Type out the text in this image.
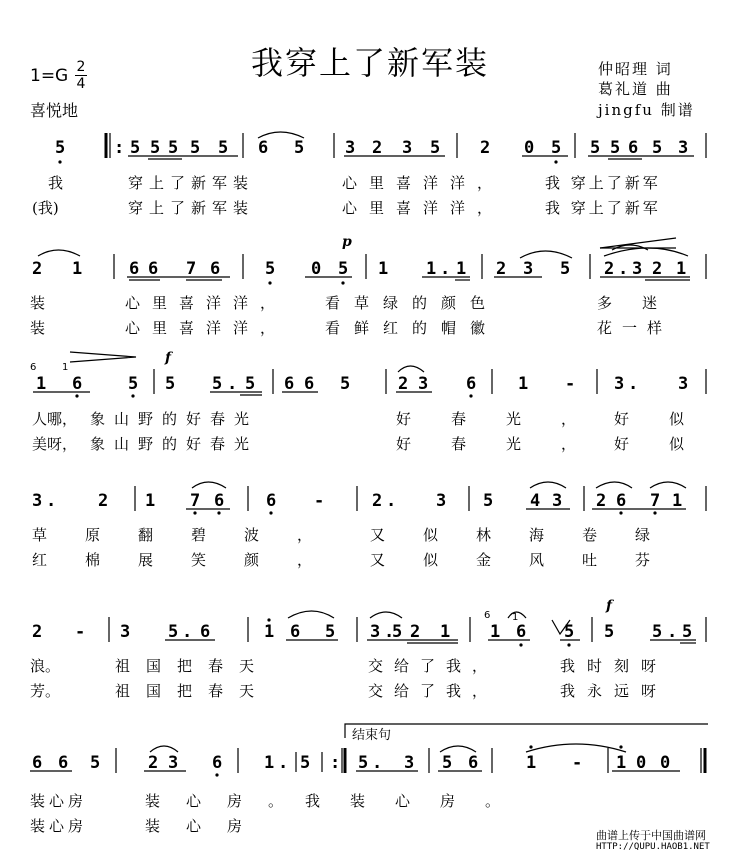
我穿上了新军装
1=G 2
4
喜悦地
仲昭理 词
葛礼道 曲
jingfu 制谱
5	: 5 5 5 5 5 6 5 3 2 3 5 2 0 5 5 5 6 5 3
2 1	6 6 7 6	5 0 5 1 1 . 1 2 3 5 2 . 3 2 1
1 6	5 5 5 . 5 6 6 5	2 3 6 1 - 3 . 3
3 . 2 1 7 6 6 -	2 . 3 5 4 3 2 6 7 1
2 - 3 5 . 6	1 6 5 3 .
5 2 1 1 6 5 5 5 . 5
6 6 5	2 3 6 1 . 5 : 5 . 3 5 6	1 - 1 0 0
6	1
6 1
p
f
f
结束句
我	穿上了新军装	心里喜洋洋，	我 穿上了新军
(我)	穿上了新军装	心里喜洋洋，	我 穿上了新军
装	心里喜洋洋，	看草绿的颜色	多迷
装	心里喜洋洋，	看鲜红的帽徽	花一样
人哪， 象山野的好春光	好春光，
好似
美呀， 象山野的好春光	好春光，
好似
草原翻碧波， 又似林海卷绿
红棉展笑颜， 又似金风吐芬
浪。	祖国把春天	交给了我，	我时刻呀
芳。	祖国把春天	交给了我，	我永远呀
装心房	装心房。
我装心房。
装心房	装心房
曲谱上传于中国曲谱网
HTTP://QUPU.HAOB1.NET
